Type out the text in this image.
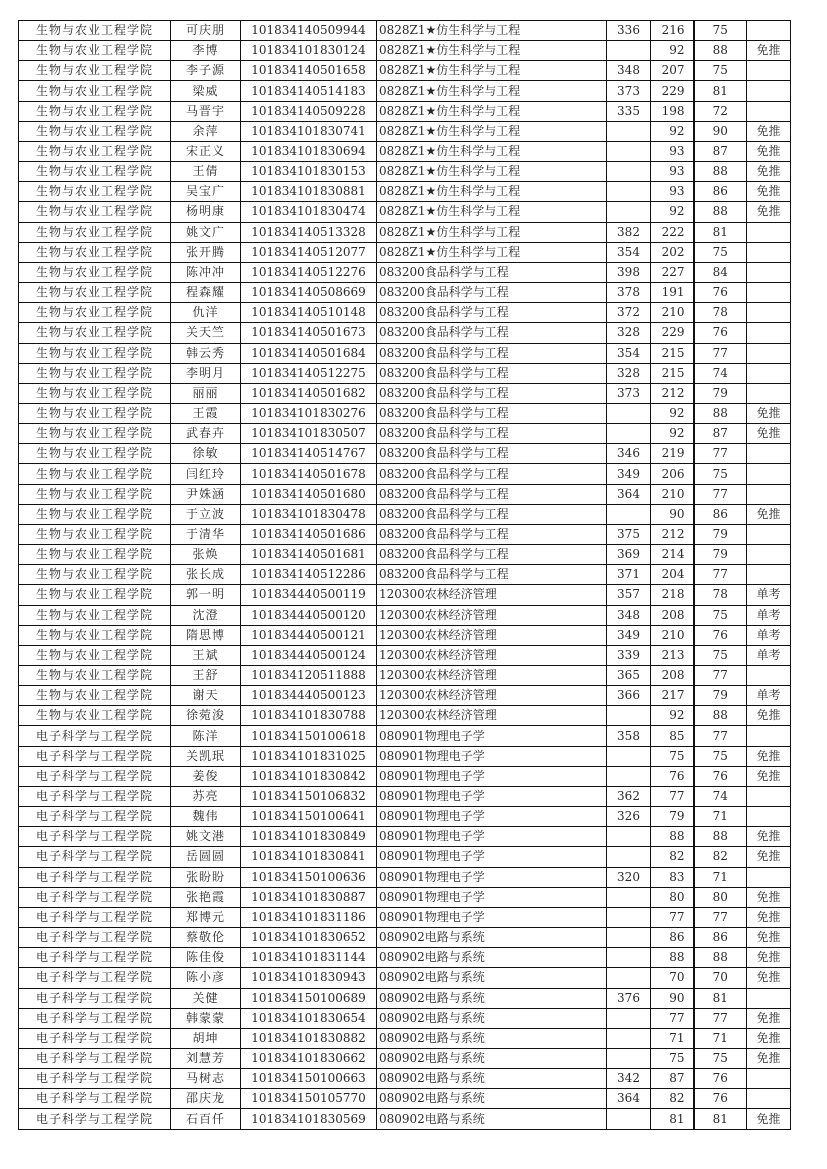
生物与农业工程学院	可庆朋	101834140509944	0828Z1★仿生科学与工程	336	216	75	
生物与农业工程学院	李博	101834101830124	0828Z1★仿生科学与工程		92	88	免推
生物与农业工程学院	李子源	101834140501658	0828Z1★仿生科学与工程	348	207	75	
生物与农业工程学院	梁威	101834140514183	0828Z1★仿生科学与工程	373	229	81	
生物与农业工程学院	马晋宇	101834140509228	0828Z1★仿生科学与工程	335	198	72	
生物与农业工程学院	余萍	101834101830741	0828Z1★仿生科学与工程		92	90	免推
生物与农业工程学院	宋正义	101834101830694	0828Z1★仿生科学与工程		93	87	免推
生物与农业工程学院	王倩	101834101830153	0828Z1★仿生科学与工程		93	88	免推
生物与农业工程学院	吴宝广	101834101830881	0828Z1★仿生科学与工程		93	86	免推
生物与农业工程学院	杨明康	101834101830474	0828Z1★仿生科学与工程		92	88	免推
生物与农业工程学院	姚文广	101834140513328	0828Z1★仿生科学与工程	382	222	81	
生物与农业工程学院	张开腾	101834140512077	0828Z1★仿生科学与工程	354	202	75	
生物与农业工程学院	陈冲冲	101834140512276	083200食品科学与工程	398	227	84	
生物与农业工程学院	程森耀	101834140508669	083200食品科学与工程	378	191	76	
生物与农业工程学院	仇洋	101834140510148	083200食品科学与工程	372	210	78	
生物与农业工程学院	关天竺	101834140501673	083200食品科学与工程	328	229	76	
生物与农业工程学院	韩云秀	101834140501684	083200食品科学与工程	354	215	77	
生物与农业工程学院	李明月	101834140512275	083200食品科学与工程	328	215	74	
生物与农业工程学院	丽丽	101834140501682	083200食品科学与工程	373	212	79	
生物与农业工程学院	王霞	101834101830276	083200食品科学与工程		92	88	免推
生物与农业工程学院	武春卉	101834101830507	083200食品科学与工程		92	87	免推
生物与农业工程学院	徐敏	101834140514767	083200食品科学与工程	346	219	77	
生物与农业工程学院	闫红玲	101834140501678	083200食品科学与工程	349	206	75	
生物与农业工程学院	尹姝涵	101834140501680	083200食品科学与工程	364	210	77	
生物与农业工程学院	于立波	101834101830478	083200食品科学与工程		90	86	免推
生物与农业工程学院	于清华	101834140501686	083200食品科学与工程	375	212	79	
生物与农业工程学院	张焕	101834140501681	083200食品科学与工程	369	214	79	
生物与农业工程学院	张长成	101834140512286	083200食品科学与工程	371	204	77	
生物与农业工程学院	郭一明	101834440500119	120300农林经济管理	357	218	78	单考
生物与农业工程学院	沈澄	101834440500120	120300农林经济管理	348	208	75	单考
生物与农业工程学院	隋思博	101834440500121	120300农林经济管理	349	210	76	单考
生物与农业工程学院	王斌	101834440500124	120300农林经济管理	339	213	75	单考
生物与农业工程学院	王舒	101834120511888	120300农林经济管理	365	208	77	
生物与农业工程学院	谢天	101834440500123	120300农林经济管理	366	217	79	单考
生物与农业工程学院	徐菀浚	101834101830788	120300农林经济管理		92	88	免推
电子科学与工程学院	陈洋	101834150100618	080901物理电子学	358	85	77	
电子科学与工程学院	关凯珉	101834101831025	080901物理电子学		75	75	免推
电子科学与工程学院	姜俊	101834101830842	080901物理电子学		76	76	免推
电子科学与工程学院	苏亮	101834150106832	080901物理电子学	362	77	74	
电子科学与工程学院	魏伟	101834150100641	080901物理电子学	326	79	71	
电子科学与工程学院	姚文港	101834101830849	080901物理电子学		88	88	免推
电子科学与工程学院	岳圆圆	101834101830841	080901物理电子学		82	82	免推
电子科学与工程学院	张盼盼	101834150100636	080901物理电子学	320	83	71	
电子科学与工程学院	张艳霞	101834101830887	080901物理电子学		80	80	免推
电子科学与工程学院	郑博元	101834101831186	080901物理电子学		77	77	免推
电子科学与工程学院	蔡敬伦	101834101830652	080902电路与系统		86	86	免推
电子科学与工程学院	陈佳俊	101834101831144	080902电路与系统		88	88	免推
电子科学与工程学院	陈小彦	101834101830943	080902电路与系统		70	70	免推
电子科学与工程学院	关健	101834150100689	080902电路与系统	376	90	81	
电子科学与工程学院	韩蒙蒙	101834101830654	080902电路与系统		77	77	免推
电子科学与工程学院	胡坤	101834101830882	080902电路与系统		71	71	免推
电子科学与工程学院	刘慧芳	101834101830662	080902电路与系统		75	75	免推
电子科学与工程学院	马树志	101834150100663	080902电路与系统	342	87	76	
电子科学与工程学院	邵庆龙	101834150105770	080902电路与系统	364	82	76	
电子科学与工程学院	石百仟	101834101830569	080902电路与系统		81	81	免推
